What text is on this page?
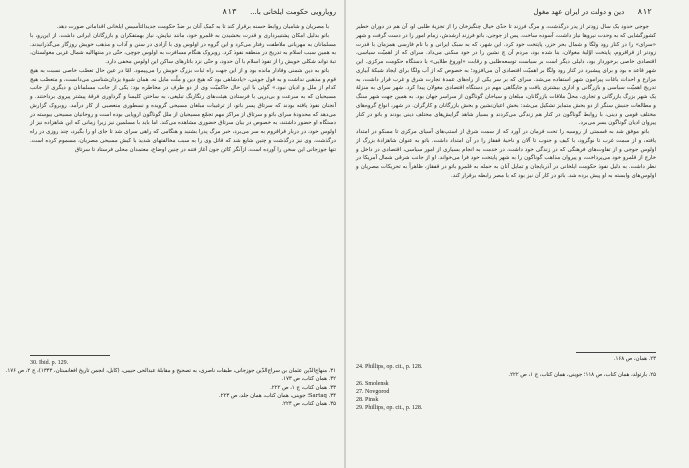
رویارویی حکومت ایلخانی با...      ۸۱۳

با مصریان و شامیان روابط حسنه برقرار کند تا به کمک آنان بر ضدّ حکومت جدیدالتأسیس ایلخانی اقداماتی صورت دهد.

باتو بدلیل امکان پشتیبرداری و قدرت بخشیدن به قلمرو خود، مانند نیاپش، نیاز بهمتفکران و بازرگانان ایرانی داشت. از این‌رو، با مسلمانان به مهربانی ملاطفت رفتار می‌کرد و این گروه در اولوس وی با آزادی در سنن و آداب و مذهب خویش روزگار می‌گذرانیدند. به همین سبب اسلام به تدریج در منطقه نفوذ کرد. روبروک هنگام مسافرت به اولوس جوچی، حتّی در منتهاالیه شمال غربی مغولستان، تبهٔ تواند شکلی خویش را از تفوذ اسلام با آن حدود، و حتّی نزد باتارهای ساکن این اولوس مخفی دارد.

باتو به دین شمنی وفادار مانده بود و از این جهت راه ثبات بزرگ خویش را می‌پیمود. امّا در عین حال تعصّب خاصی نسبت به هیچ قوم و مذهبی نداشت و به قول جوینی، «پادشاهی بود که هیچ دین و ملّت مایل نه. همان شیوهٔ یزدان‌شناسی می‌دانست، و متعصّب هیچ کدام از ملل و ادیان نبود.» گوئی با این حال حاکمیّت وی از دو طرف در مخاطره بود: یکی از جانب مسلمانان و دیگری از جانب مسیحیان که به سرعت و بی‌درپی با فرستادن هیئت‌های رنگارنگ تبلیغی، به ساختن کلیسا و گرداوری فرقهٔ پیشتر پیروی برداختند. و آنجنان نفوذ یافته بودند که سرتاق پسر باتو، از ترغیبات مبلغان مسیحی گرویده و نسطوری منعصبی از کار درآمد. روبروک گزارش می‌دهد که محدودهٔ سرای باتو و سرتاق از مراکز مهم تجمّع مسیحیان از ملل گوناگون اروپایی بوده است و روحانیان مسیحی بیوسته در دستگاه او حضور داشتند، به خصوص در بیان سرتاق حضوری مشاهده می‌کند. اما باید با مسلمین نیز زیرا زمانی که این شاهزاده نیز از اولوس خود، در دربار قراقروم به سر می‌برد، خبر مرگ پدرا بشنید و هنگامی که راهی سرای شد تا جای او را بگیرد، چند روزی در راه درگذشت. وی نیز درگذشت و چنین شایع شد که قاتل وی را به سبب مخالفتهای شدید با کیش مسیحی مصریان، مسموم کرده است. تنها جوزجانی این سخن را آورده است، ازآنگر کائن جون آغاز فتنه در چنین اوضاع، معتمدان محلی فرستاد تا سرتاق

30. Ibid. p. 129.
۳۱. منهاج‌الدّین عثمان بن سراج‌الدّین جوزجانی، طبقات ناصری، به تصحیح و مقابلهٔ عبدالحی حبیبی، (کابل، انجمن تاریخ افغانستان، ۱۳۴۳)، ج ۲، ص ۱۷۶.
۳۲. همان کتاب، ص ۱۷۳.
۳۳. همان کتاب، ج ۱، ص ۲۲۲.
۳۴. Sartaq؛ جوینی، همان کتاب، همان جلد، ص ۲۲۳.
۳۵. همان کتاب، ص ۲۲۴.
۸۱۲      دین و دولت در ایران عهد مغول

جوجی حدود یک سال زودتر از پدر درگذشت، و مرگ فرزند تا حدّی خیال چنگیزخان را از تجزیهٔ طلبی او، آن هم در دوران خطیر کشورگشایی که به وحدت نیروها نیاز داشت، آسوده ساخت. پس از جوجی، باتو فرزند ارشدش، زمام امور را در دست گرفت و شهر «سرای» را در کنار رود ولگا و شمال بحر خزر، پایتخت خود کرد. این شهر، که به سبک ایرانی و با نام فارسی همزمان با قدرت زودتر از قراقروم، پایتخت اوّلیهٔ مغولان، بنا شده بود، مردم آن چ نشین را در خود سکنی می‌داد. سرای که از اهمیّت سیاسی، اقتصادی خاصی برخوردار بود، دلیلی دیگر است بر سیاست توسعه‌طلبی و رقابت «اوروغ طلایی» با دستگاه حکومت مرکزی. این شهر قاعد ه بود و برای پیشبرد در کنار رود ولگا بر اهمیّت اقتصادی آن می‌افزود؛ به خصوص که از آب ولگا برای ایجاد شبکهٔ آبیاری مزارع و احداث باغات پیرامون شهر استفاده می‌شد. سرای که بر سر یکی از راه‌های عمدهٔ تجارت شرق و غرب قرار داشت، به تدریج اهمیّت سیاسی و بازرگانی و اداری بیشتری یافت و جایگاهی مهم در دستگاه اقتصادی مغولان پیدا کرد. شهر سرای به منزلهٔ یک شهر بزرگ بازرگانی و تجاری، محلّ ملاقات بازرگانان، مبلغان و سیاحان گوناگون از سراسر جهان بود. به همین جهت شهر سنگ و مطالعات جنبش سنگر از دو بخش متمایز تشکیل می‌شد: بخش اعیان‌نشین و بخش بازرگانان و کارگران. در شهر، انواع گروه‌های مختلف قومی و دینی، با روابط گوناگون در کنار هم زندگی می‌کردند و بسیار شاهد گرایش‌های مختلف دینی بودند و باتو در کنار پیروان ادیان گوناگون بسر می‌برد.

باتو موفق شد به قسمتی از روسیه را تحت فرمان در آورد که از سمت شرق از استپ‌های آسیای مرکزی تا مسکو در امتداد یافته، و از سمت غرب تا نوگرود، با کیف و جنوب تا آلان و ناحیهٔ قفقاز را در آن امتداد داشت. باتو به عنوان شاهزادهٔ بزرگ از اولوس جوجی و از تفاوت‌های فرهنگی که در زندگی خود داشت، در خدمت به انجام بسیاری از امور سیاسی، اقتصادی در داخل و خارج از قلمرو خود می‌پرداخت، و پیروان مذاهب گوناگون را به شهر پایتخت خود فرا می‌خواند. او از جانب شرقی شمال آمریکا در نظر داشت. به دلیل نفوذ حکومت ایلخانی در آذربایجان و تمایل آنان به حمله به قلمرو باتو در قفقاز، ظاهراً به تحریکات مصریان و اولوس‌های وابسته به او پیش برده شد. باتو در کار آن نیز بود که با مصر رابطه برقرار کند.

۲۳. همان، ص ۱۶۸.
24. Phillips, op. cit., p. 128.
۲۵. بارتولد، همان کتاب، ص ۱۱۸؛ جوینی، همان کتاب، ج ۱، ص ۲۲۲.
26. Smolensk
27. Novgorod
28. Pinsk
29. Phillips, op. cit., p. 128.
